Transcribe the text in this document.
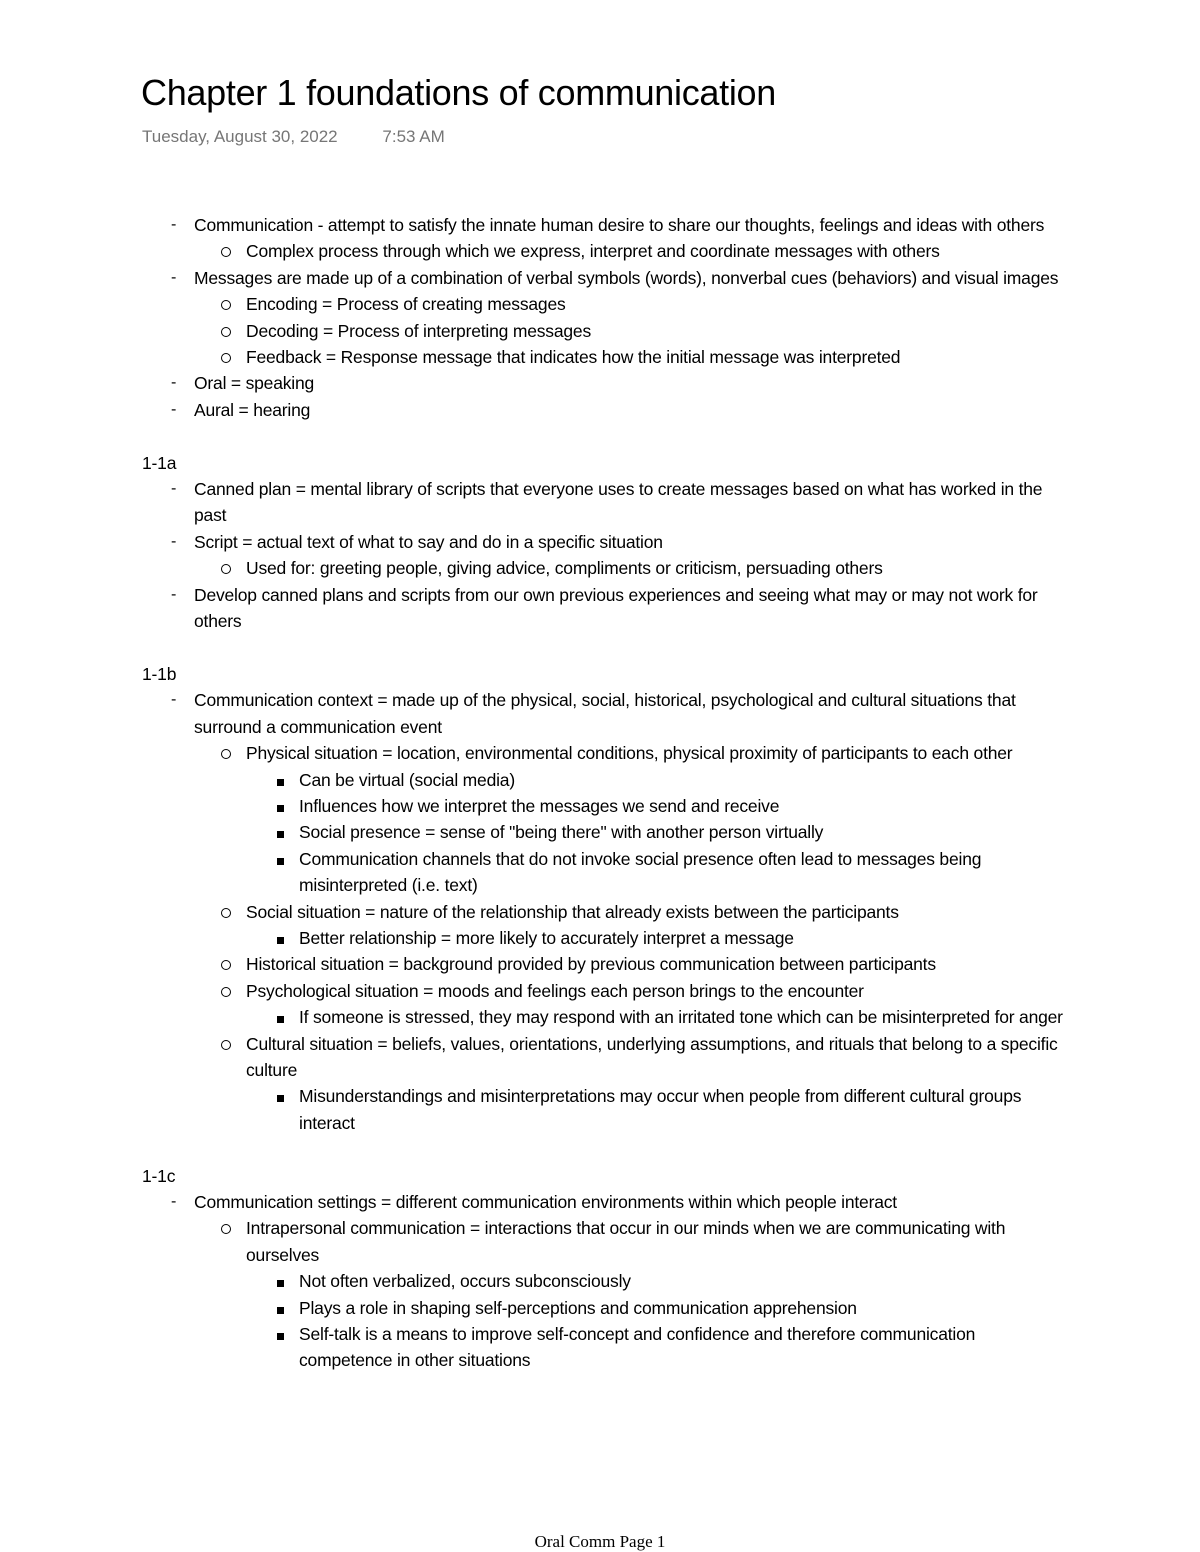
Chapter 1 foundations of communication
Tuesday, August 30, 2022	7:53 AM
- Communication - attempt to satisfy the innate human desire to share our thoughts, feelings and ideas with others
Complex process through which we express, interpret and coordinate messages with others
- Messages are made up of a combination of verbal symbols (words), nonverbal cues (behaviors) and visual images
Encoding = Process of creating messages
Decoding = Process of interpreting messages
Feedback = Response message that indicates how the initial message was interpreted
- Oral = speaking
- Aural = hearing
1-1a
- Canned plan = mental library of scripts that everyone uses to create messages based on what has worked in the past
- Script = actual text of what to say and do in a specific situation
Used for: greeting people, giving advice, compliments or criticism, persuading others
- Develop canned plans and scripts from our own previous experiences and seeing what may or may not work for others
1-1b
- Communication context = made up of the physical, social, historical, psychological and cultural situations that surround a communication event
Physical situation = location, environmental conditions, physical proximity of participants to each other
Can be virtual (social media)
Influences how we interpret the messages we send and receive
Social presence = sense of "being there" with another person virtually
Communication channels that do not invoke social presence often lead to messages being misinterpreted (i.e. text)
Social situation = nature of the relationship that already exists between the participants
Better relationship = more likely to accurately interpret a message
Historical situation = background provided by previous communication between participants
Psychological situation = moods and feelings each person brings to the encounter
If someone is stressed, they may respond with an irritated tone which can be misinterpreted for anger
Cultural situation = beliefs, values, orientations, underlying assumptions, and rituals that belong to a specific culture
Misunderstandings and misinterpretations may occur when people from different cultural groups interact
1-1c
- Communication settings = different communication environments within which people interact
Intrapersonal communication = interactions that occur in our minds when we are communicating with ourselves
Not often verbalized, occurs subconsciously
Plays a role in shaping self-perceptions and communication apprehension
Self-talk is a means to improve self-concept and confidence and therefore communication competence in other situations
Oral Comm Page 1
